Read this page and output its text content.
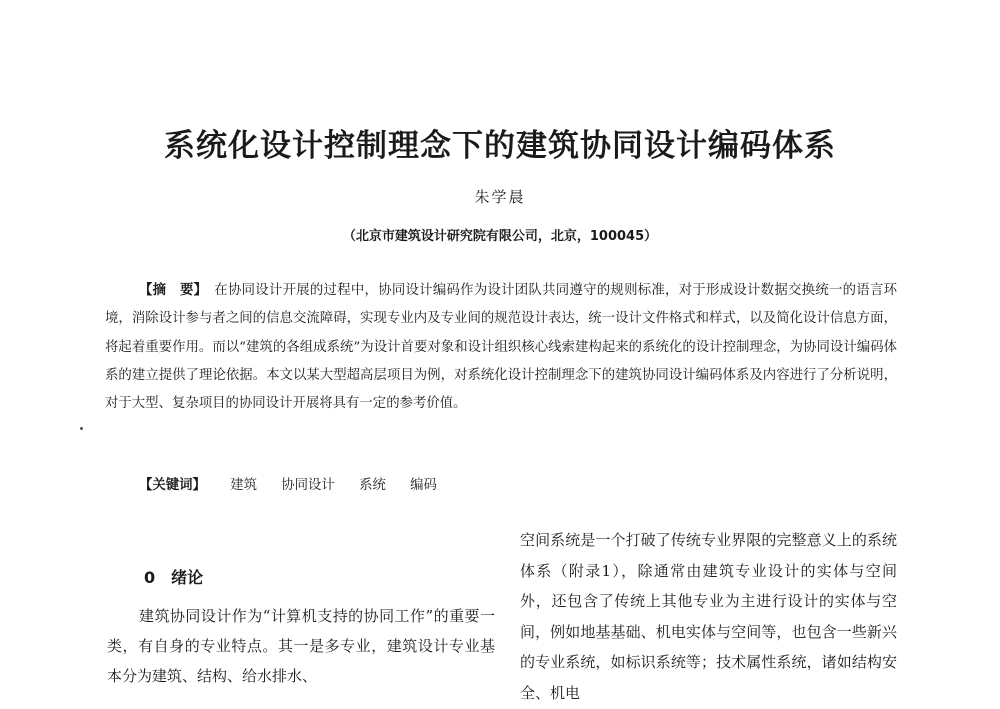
系统化设计控制理念下的建筑协同设计编码体系
朱学晨
（北京市建筑设计研究院有限公司，北京，100045）

【摘　要】　 在协同设计开展的过程中，协同设计编码作为设计团队共同遵守的规则标准，对于形成设计数据交换统一的语言环境，消除设计参与者之间的信息交流障碍，实现专业内及专业间的规范设计表达，统一设计文件格式和样式，以及简化设计信息方面，将起着重要作用。而以“建筑的各组成系统”为设计首要对象和设计组织核心线索建构起来的系统化的设计控制理念，为协同设计编码体系的建立提供了理论依据。本文以某大型超高层项目为例，对系统化设计控制理念下的建筑协同设计编码体系及内容进行了分析说明，对于大型、复杂项目的协同设计开展将具有一定的参考价值。

【关键词】 建筑 协同设计 系统 编码
0 绪论

建筑协同设计作为“计算机支持的协同工作”的重要一类，有自身的专业特点。其一是多专业，建筑设计专业基本分为建筑、结构、给水排水、

空间系统是一个打破了传统专业界限的完整意义上的系统体系（附录1），除通常由建筑专业设计的实体与空间外，还包含了传统上其他专业为主进行设计的实体与空间，例如地基基础、机电实体与空间等，也包含一些新兴的专业系统，如标识系统等；技术属性系统，诸如结构安全、机电
